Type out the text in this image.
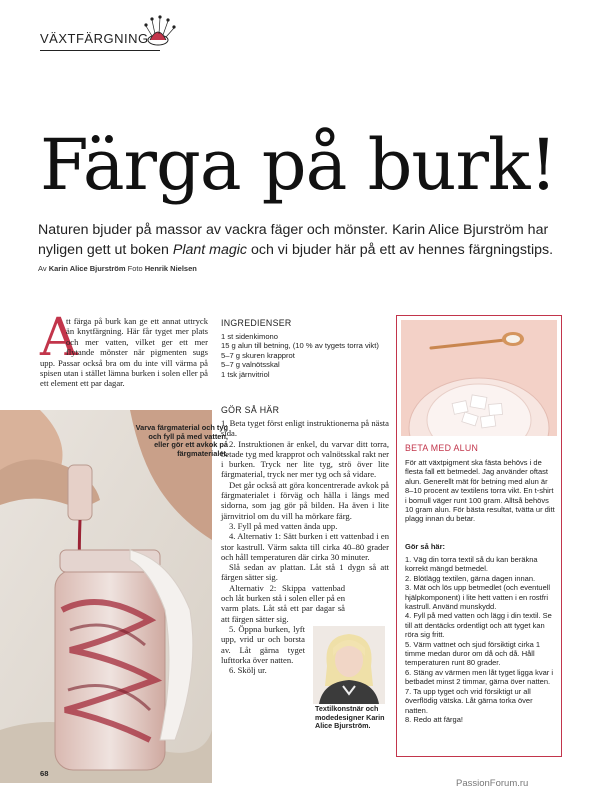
VÄXTFÄRGNING
Färga på burk!
Naturen bjuder på massor av vackra fäger och mönster. Karin Alice Bjurström har nyligen gett ut boken Plant magic och vi bjuder här på ett av hennes färgningstips.
Av Karin Alice Bjurström Foto Henrik Nielsen
A
tt färga på burk kan ge ett annat uttryck än knytfärgning. Här får tyget mer plats och mer vatten, vilket ger ett mer flytande mönster när pigmenten sugs upp. Passar också bra om du inte vill värma på spisen utan i stället lämna burken i solen eller på ett element ett par dagar.
Varva färgmaterial och tyg och fyll på med vatten, eller gör ett avkok på färgmaterialet.
INGREDIENSER
1 st sidenkimono
15 g alun till betning, (10 % av tygets torra vikt)
5–7 g skuren krapprot
5–7 g valnötsskal
1 tsk järnvitriol
GÖR SÅ HÄR

1. Beta tyget först enligt instruktionerna på nästa sida.

2. Instruktionen är enkel, du varvar ditt torra, betade tyg med krapprot och valnötsskal rakt ner i burken. Tryck ner lite tyg, strö över lite färgmaterial, tryck ner mer tyg och så vidare.

Det går också att göra koncentrerade avkok på färgmaterialet i förväg och hälla i längs med sidorna, som jag gör på bilden. Ha även i lite järnvitriol om du vill ha mörkare färg.

3. Fyll på med vatten ända upp.

4. Alternativ 1: Sätt burken i ett vattenbad i en stor kastrull. Värm sakta till cirka 40–80 grader och håll temperaturen där cirka 30 minuter.

Slå sedan av plattan. Låt stå 1 dygn så att färgen sätter sig.

Alternativ 2: Skippa vattenbad och låt burken stå i solen eller på en varm plats. Låt stå ett par dagar så att färgen sätter sig.

5. Öppna burken, lyft upp, vrid ur och borsta av. Låt gärna tyget lufttorka över natten.

6. Skölj ur.

Textilkonstnär och modedesigner Karin Alice Bjurström.
BETA MED ALUN

För att växtpigment ska fästa behövs i de flesta fall ett betmedel. Jag använder oftast alun. Generellt mät för betning med alun är 8–10 procent av textilens torra vikt. En t-shirt i bomull väger runt 100 gram. Alltså behövs 10 gram alun. För bästa resultat, tvätta ur ditt plagg innan du betar.

Gör så här:

1. Väg din torra textil så du kan beräkna korrekt mängd betmedel.

2. Blötlägg textilen, gärna dagen innan.

3. Mät och lös upp betmedlet (och eventuell hjälpkomponent) i lite hett vatten i en rostfri kastrull. Använd munskydd.

4. Fyll på med vatten och lägg i din textil. Se till att dentäcks ordentligt och att tyget kan röra sig fritt.

5. Värm vattnet och sjud försiktigt cirka 1 timme medan duror om då och då. Håll temperaturen runt 80 grader.

6. Stäng av värmen men låt tyget ligga kvar i betbadet minst 2 timmar, gärna över natten.

7. Ta upp tyget och vrid försiktigt ur all överflödig vätska. Låt gärna torka över natten.

8. Redo att färga!

68
PassionForum.ru
